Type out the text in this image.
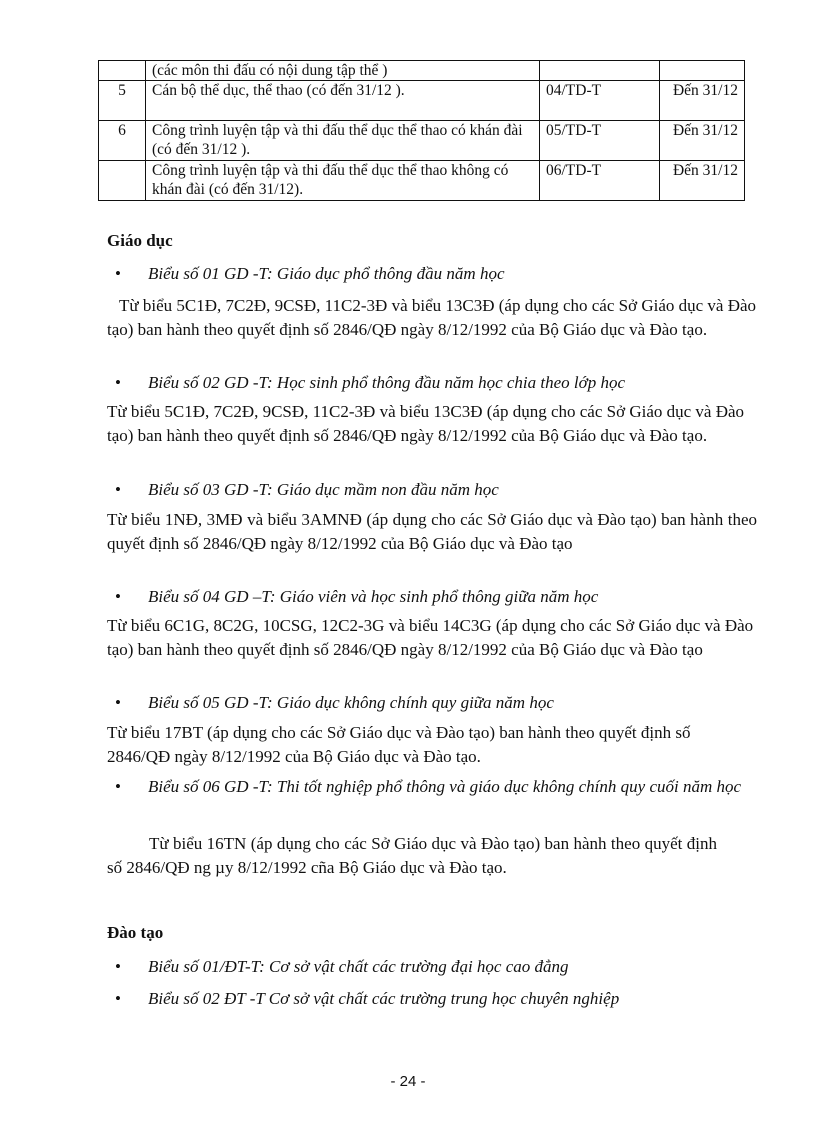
	(các môn thi đấu có nội dung tập thể )		
5	Cán bộ thể dục, thể thao (có đến 31/12 ).	04/TD-T	Đến 31/12
6	Công trình luyện tập và thi đấu thể dục thể thao có khán đài (có đến 31/12 ).	05/TD-T	Đến 31/12
	Công trình luyện tập và thi đấu thể dục thể thao không có khán đài (có đến 31/12).	06/TD-T	Đến 31/12
Giáo dục
• Biểu số 01 GD -T: Giáo dục phổ thông đầu năm học
Từ biểu 5C1Đ, 7C2Đ, 9CSĐ, 11C2-3Đ và biểu 13C3Đ (áp dụng cho các Sở Giáo dục và Đào tạo) ban hành theo quyết định số 2846/QĐ ngày 8/12/1992 của Bộ Giáo dục và Đào tạo.
• Biểu số 02 GD -T: Học sinh phổ thông đầu năm học chia theo lớp học
Từ biểu 5C1Đ, 7C2Đ, 9CSĐ, 11C2-3Đ và biểu 13C3Đ (áp dụng cho các Sở Giáo dục và Đào tạo) ban hành theo quyết định số 2846/QĐ ngày 8/12/1992 của Bộ Giáo dục và Đào tạo.
• Biểu số 03 GD -T: Giáo dục mầm non đầu năm học
Từ biểu 1NĐ, 3MĐ và biểu 3AMNĐ (áp dụng cho các Sở Giáo dục và Đào tạo) ban hành theo quyết định số 2846/QĐ ngày 8/12/1992 của Bộ Giáo dục và Đào tạo
• Biểu số 04 GD –T: Giáo viên và học sinh phổ thông giữa năm học
Từ biểu 6C1G, 8C2G, 10CSG, 12C2-3G và biểu 14C3G (áp dụng cho các Sở Giáo dục và Đào tạo) ban hành theo quyết định số 2846/QĐ ngày 8/12/1992 của Bộ Giáo dục và Đào tạo
• Biểu số 05 GD -T: Giáo dục không chính quy giữa năm học
Từ biểu 17BT (áp dụng cho các Sở Giáo dục và Đào tạo) ban hành theo quyết định số 2846/QĐ ngày 8/12/1992 của Bộ Giáo dục và Đào tạo.
• Biểu số 06 GD -T: Thi tốt nghiệp phổ thông và giáo dục không chính quy cuối năm học
Từ biểu 16TN (áp dụng cho các Sở Giáo dục và Đào tạo) ban hành theo quyết định số 2846/QĐ ng µy 8/12/1992 cña Bộ Giáo dục và Đào tạo.
Đào tạo
• Biểu số 01/ĐT-T: Cơ sở vật chất các trường đại học cao đẳng
• Biểu số 02 ĐT -T Cơ sở vật chất các trường trung học chuyên nghiệp
- 24 -
